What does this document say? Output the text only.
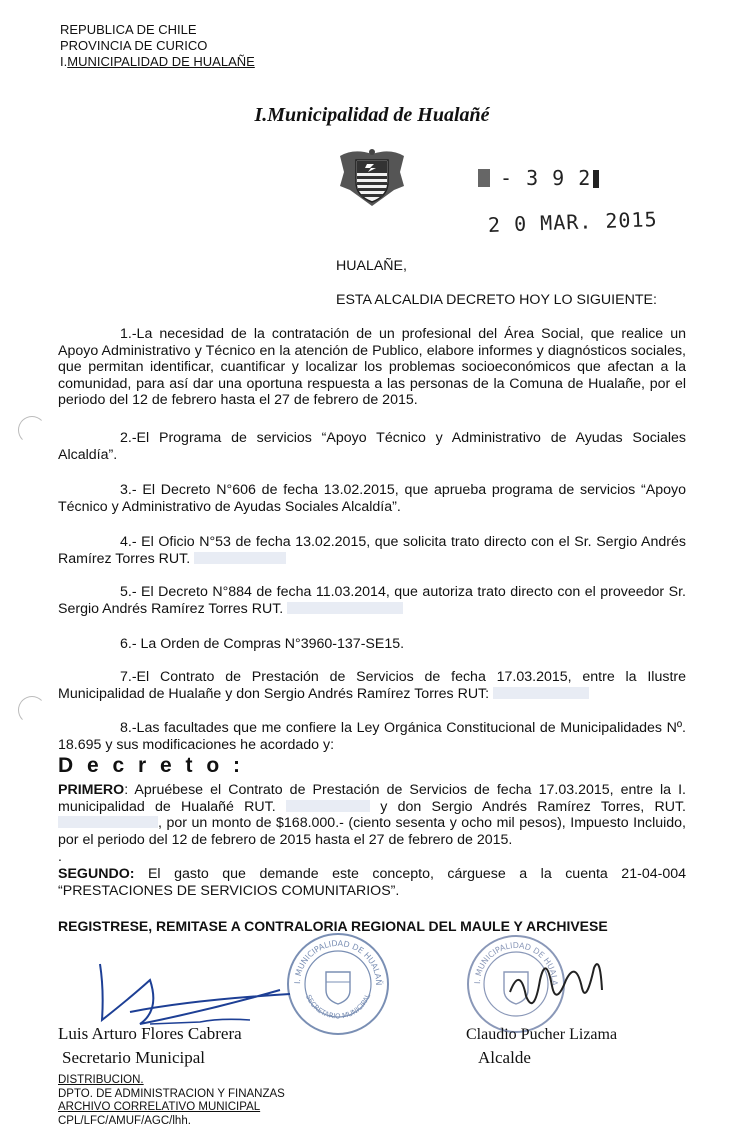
REPUBLICA DE CHILE
PROVINCIA DE CURICO
I.MUNICIPALIDAD DE HUALAÑE
I.Municipalidad de Hualañé
- 3 9 2
2 0 MAR. 2015
HUALAÑE,
ESTA ALCALDIA DECRETO HOY LO SIGUIENTE:
1.-La necesidad de la contratación de un profesional del Área Social, que realice un Apoyo Administrativo y Técnico en la atención de Publico, elabore informes y diagnósticos sociales, que permitan identificar, cuantificar y localizar los problemas socioeconómicos que afectan a la comunidad, para así dar una oportuna respuesta a las personas de la Comuna de Hualañe, por el periodo del 12 de febrero hasta el 27 de febrero de 2015.
2.-El Programa de servicios “Apoyo Técnico y Administrativo de Ayudas Sociales Alcaldía”.
3.- El Decreto N°606 de fecha 13.02.2015, que aprueba programa de servicios “Apoyo Técnico y Administrativo de Ayudas Sociales Alcaldía”.
4.- El Oficio N°53 de fecha 13.02.2015, que solicita trato directo con el Sr. Sergio Andrés Ramírez Torres RUT.
5.- El Decreto N°884 de fecha 11.03.2014, que autoriza trato directo con el proveedor Sr. Sergio Andrés Ramírez Torres RUT.
6.- La Orden de Compras N°3960-137-SE15.
7.-El Contrato de Prestación de Servicios de fecha 17.03.2015, entre la Ilustre Municipalidad de Hualañe y don Sergio Andrés Ramírez Torres RUT:
8.-Las facultades que me confiere la Ley Orgánica Constitucional de Municipalidades Nº. 18.695 y sus modificaciones he acordado y:
D e c r e t o :
PRIMERO: Apruébese el Contrato de Prestación de Servicios de fecha 17.03.2015, entre la I. municipalidad de Hualañé RUT.	y don Sergio Andrés Ramírez Torres, RUT. , por un monto de $168.000.- (ciento sesenta y ocho mil pesos), Impuesto Incluido, por el periodo del 12 de febrero de 2015 hasta el 27 de febrero de 2015.
.
SEGUNDO: El gasto que demande este concepto, cárguese a la cuenta 21-04-004 “PRESTACIONES DE SERVICIOS COMUNITARIOS”.
REGISTRESE, REMITASE A CONTRALORIA REGIONAL DEL MAULE Y ARCHIVESE
I. MUNICIPALIDAD DE HUALAÑ
SECRETARIO MUNICIPAL
I. MUNICIPALIDAD DE HUALA
Luis Arturo Flores Cabrera
Secretario Municipal
Claudio Pucher Lizama
Alcalde
DISTRIBUCION.
DPTO. DE ADMINISTRACION Y FINANZAS
ARCHIVO CORRELATIVO MUNICIPAL
CPL/LFC/AMUF/AGC/lhh.
